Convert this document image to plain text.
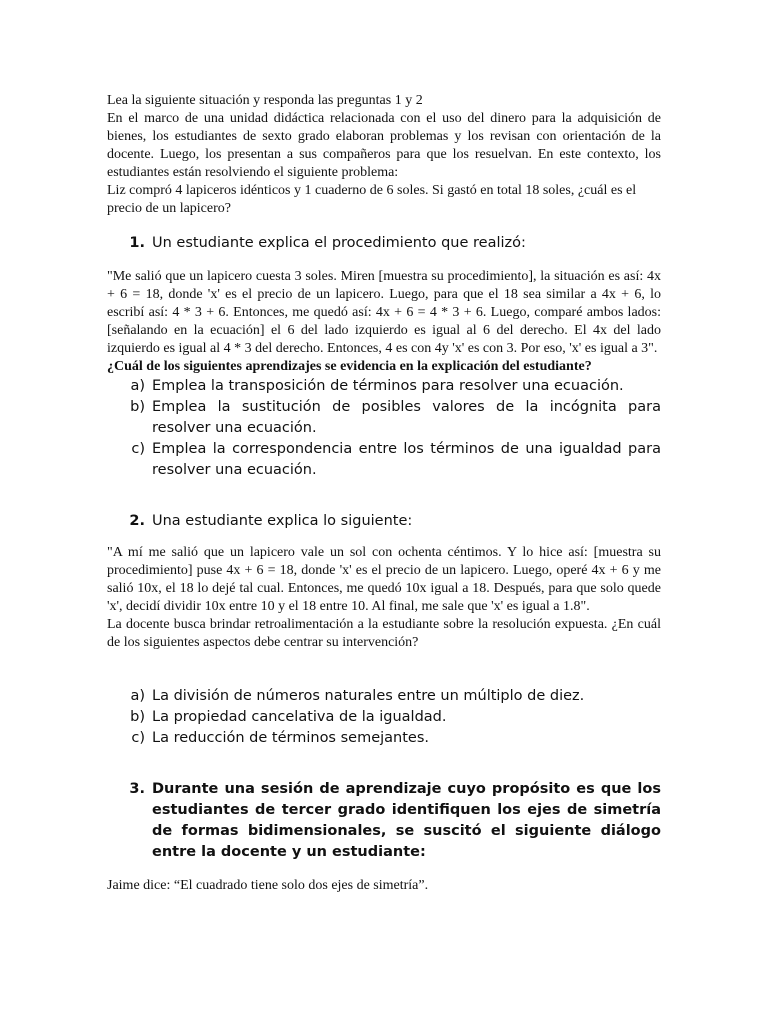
Lea la siguiente situación y responda las preguntas 1 y 2

En el marco de una unidad didáctica relacionada con el uso del dinero para la adquisición de bienes, los estudiantes de sexto grado elaboran problemas y los revisan con orientación de la docente. Luego, los presentan a sus compañeros para que los resuelvan. En este contexto, los estudiantes están resolviendo el siguiente problema:

Liz compró 4 lapiceros idénticos y 1 cuaderno de 6 soles. Si gastó en total 18 soles, ¿cuál es el precio de un lapicero?

1. Un estudiante explica el procedimiento que realizó:

"Me salió que un lapicero cuesta 3 soles. Miren [muestra su procedimiento], la situación es así: 4x + 6 = 18, donde 'x' es el precio de un lapicero. Luego, para que el 18 sea similar a 4x + 6, lo escribí así: 4 * 3 + 6. Entonces, me quedó así: 4x + 6 = 4 * 3 + 6. Luego, comparé ambos lados: [señalando en la ecuación] el 6 del lado izquierdo es igual al 6 del derecho. El 4x del lado izquierdo es igual al 4 * 3 del derecho. Entonces, 4 es con 4y 'x' es con 3. Por eso, 'x' es igual a 3".

¿Cuál de los siguientes aprendizajes se evidencia en la explicación del estudiante?

a) Emplea la transposición de términos para resolver una ecuación.
b) Emplea la sustitución de posibles valores de la incógnita para resolver una ecuación.
c) Emplea la correspondencia entre los términos de una igualdad para resolver una ecuación.
2. Una estudiante explica lo siguiente:

"A mí me salió que un lapicero vale un sol con ochenta céntimos. Y lo hice así: [muestra su procedimiento] puse 4x + 6 = 18, donde 'x' es el precio de un lapicero. Luego, operé 4x + 6 y me salió 10x, el 18 lo dejé tal cual. Entonces, me quedó 10x igual a 18. Después, para que solo quede 'x', decidí dividir 10x entre 10 y el 18 entre 10. Al final, me sale que 'x' es igual a 1.8".

La docente busca brindar retroalimentación a la estudiante sobre la resolución expuesta. ¿En cuál de los siguientes aspectos debe centrar su intervención?

a) La división de números naturales entre un múltiplo de diez.
b) La propiedad cancelativa de la igualdad.
c) La reducción de términos semejantes.
3. Durante una sesión de aprendizaje cuyo propósito es que los estudiantes de tercer grado identifiquen los ejes de simetría de formas bidimensionales, se suscitó el siguiente diálogo entre la docente y un estudiante:

Jaime dice: “El cuadrado tiene solo dos ejes de simetría”.
